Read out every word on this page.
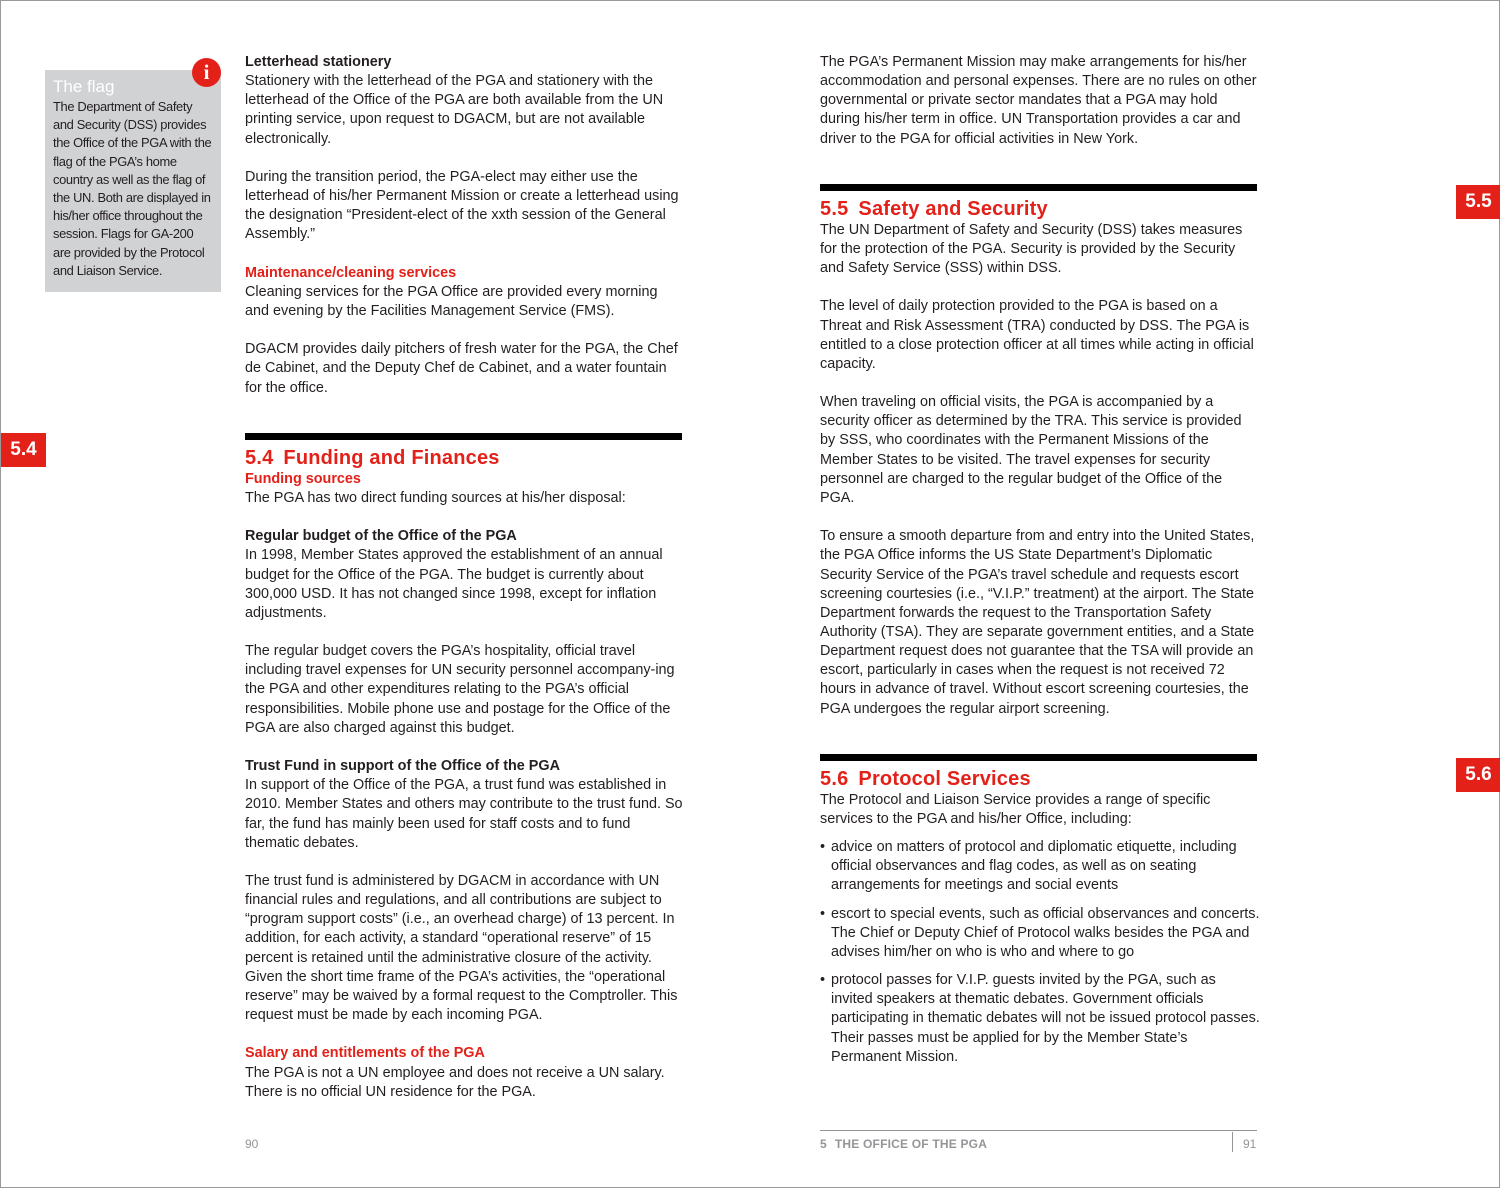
The flag
The Department of Safety and Security (DSS) provides the Office of the PGA with the flag of the PGA’s home country as well as the flag of the UN. Both are displayed in his/her office throughout the session. Flags for GA-200 are provided by the Protocol and Liaison Service.
i
5.4
5.5
5.6
Letterhead stationery
Stationery with the letterhead of the PGA and stationery with the letterhead of the Office of the PGA are both available from the UN printing service, upon request to DGACM, but are not available electronically.
During the transition period, the PGA-elect may either use the letterhead of his/her Permanent Mission or create a letterhead using the designation “President-elect of the xxth session of the General Assembly.”
Maintenance/cleaning services
Cleaning services for the PGA Office are provided every morning and evening by the Facilities Management Service (FMS).
DGACM provides daily pitchers of fresh water for the PGA, the Chef de Cabinet, and the Deputy Chef de Cabinet, and a water fountain for the office.
5.4 Funding and Finances
Funding sources
The PGA has two direct funding sources at his/her disposal:
Regular budget of the Office of the PGA
In 1998, Member States approved the establishment of an annual budget for the Office of the PGA. The budget is currently about 300,000 USD. It has not changed since 1998, except for inflation adjustments.
The regular budget covers the PGA’s hospitality, official travel including travel expenses for UN security personnel accompany-ing the PGA and other expenditures relating to the PGA’s official responsibilities. Mobile phone use and postage for the Office of the PGA are also charged against this budget.
Trust Fund in support of the Office of the PGA
In support of the Office of the PGA, a trust fund was established in 2010. Member States and others may contribute to the trust fund. So far, the fund has mainly been used for staff costs and to fund thematic debates.
The trust fund is administered by DGACM in accordance with UN financial rules and regulations, and all contributions are subject to “program support costs” (i.e., an overhead charge) of 13 percent. In addition, for each activity, a standard “operational reserve” of 15 percent is retained until the administrative closure of the activity. Given the short time frame of the PGA’s activities, the “operational reserve” may be waived by a formal request to the Comptroller. This request must be made by each incoming PGA.
Salary and entitlements of the PGA
The PGA is not a UN employee and does not receive a UN salary. There is no official UN residence for the PGA.
The PGA’s Permanent Mission may make arrangements for his/her accommodation and personal expenses. There are no rules on other governmental or private sector mandates that a PGA may hold during his/her term in office. UN Transportation provides a car and driver to the PGA for official activities in New York.
5.5 Safety and Security
The UN Department of Safety and Security (DSS) takes measures for the protection of the PGA. Security is provided by the Security and Safety Service (SSS) within DSS.
The level of daily protection provided to the PGA is based on a Threat and Risk Assessment (TRA) conducted by DSS. The PGA is entitled to a close protection officer at all times while acting in official capacity.
When traveling on official visits, the PGA is accompanied by a security officer as determined by the TRA. This service is provided by SSS, who coordinates with the Permanent Missions of the Member States to be visited. The travel expenses for security personnel are charged to the regular budget of the Office of the PGA.
To ensure a smooth departure from and entry into the United States, the PGA Office informs the US State Department’s Diplomatic Security Service of the PGA’s travel schedule and requests escort screening courtesies (i.e., “V.I.P.” treatment) at the airport. The State Department forwards the request to the Transportation Safety Authority (TSA). They are separate government entities, and a State Department request does not guarantee that the TSA will provide an escort, particularly in cases when the request is not received 72 hours in advance of travel. Without escort screening courtesies, the PGA undergoes the regular airport screening.
5.6 Protocol Services
The Protocol and Liaison Service provides a range of specific services to the PGA and his/her Office, including:
• advice on matters of protocol and diplomatic etiquette, including official observances and flag codes, as well as on seating arrangements for meetings and social events
• escort to special events, such as official observances and concerts. The Chief or Deputy Chief of Protocol walks besides the PGA and advises him/her on who is who and where to go
• protocol passes for V.I.P. guests invited by the PGA, such as invited speakers at thematic debates. Government officials participating in thematic debates will not be issued protocol passes. Their passes must be applied for by the Member State’s Permanent Mission.
90	5 THE OFFICE OF THE PGA	91
